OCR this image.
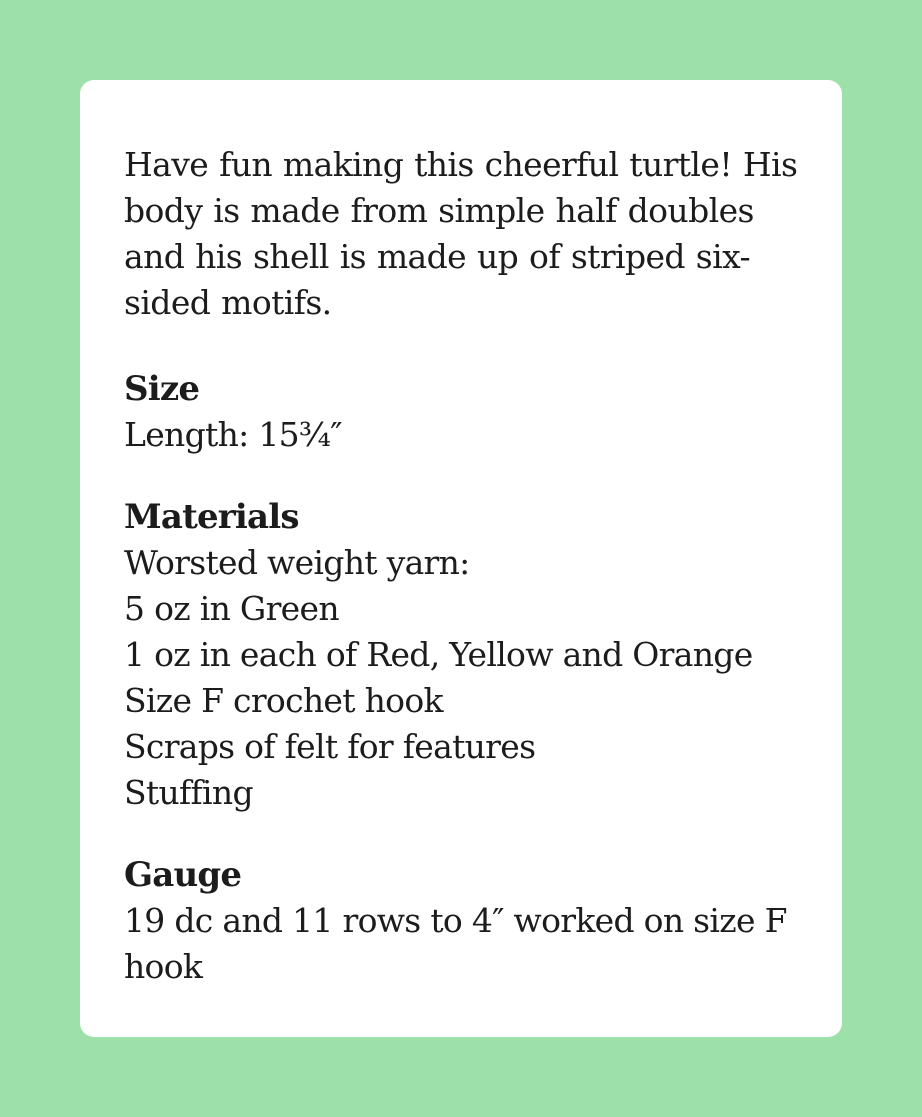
Have fun making this cheerful turtle! His body is made from simple half doubles and his shell is made up of striped six-sided motifs.

Size

Length: 15¾″

Materials

Worsted weight yarn:

5 oz in Green

1 oz in each of Red, Yellow and Orange

Size F crochet hook

Scraps of felt for features

Stuffing

Gauge

19 dc and 11 rows to 4″ worked on size F hook
